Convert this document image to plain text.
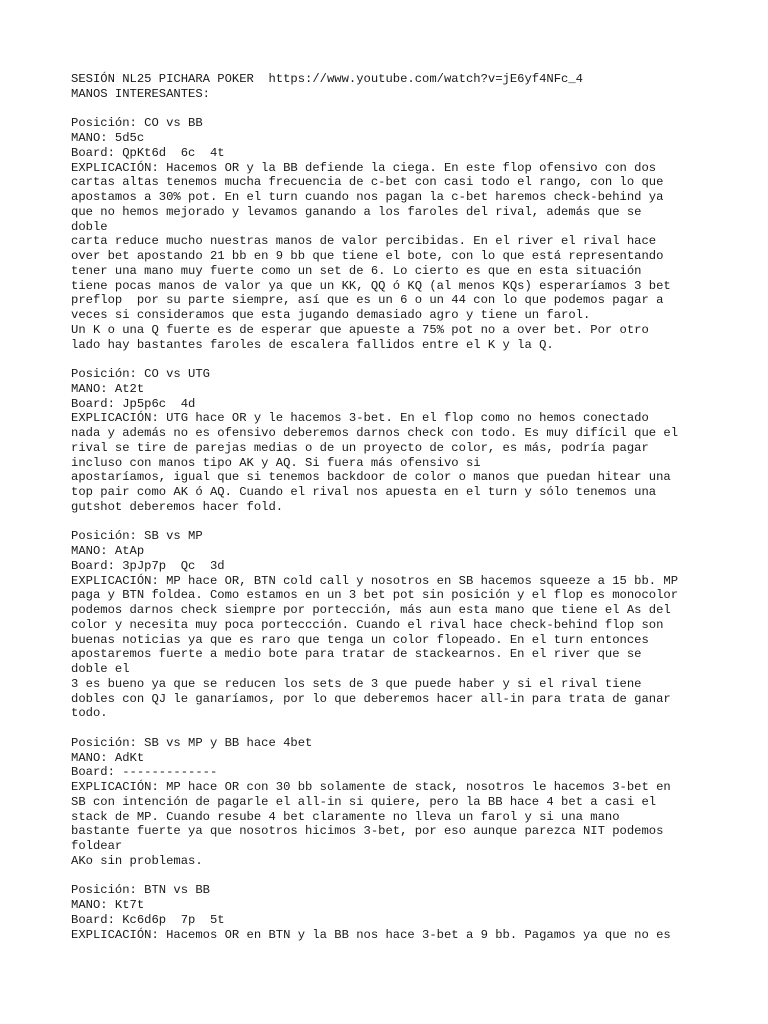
SESIÓN NL25 PICHARA POKER  https://www.youtube.com/watch?v=jE6yf4NFc_4
MANOS INTERESANTES:
Posición: CO vs BB
MANO: 5d5c
Board: QpKt6d  6c  4t
EXPLICACIÓN: Hacemos OR y la BB defiende la ciega. En este flop ofensivo con dos
cartas altas tenemos mucha frecuencia de c-bet con casi todo el rango, con lo que
apostamos a 30% pot. En el turn cuando nos pagan la c-bet haremos check-behind ya
que no hemos mejorado y levamos ganando a los faroles del rival, además que se
doble
carta reduce mucho nuestras manos de valor percibidas. En el river el rival hace
over bet apostando 21 bb en 9 bb que tiene el bote, con lo que está representando
tener una mano muy fuerte como un set de 6. Lo cierto es que en esta situación
tiene pocas manos de valor ya que un KK, QQ ó KQ (al menos KQs) esperaríamos 3 bet
preflop  por su parte siempre, así que es un 6 o un 44 con lo que podemos pagar a
veces si consideramos que esta jugando demasiado agro y tiene un farol.
Un K o una Q fuerte es de esperar que apueste a 75% pot no a over bet. Por otro
lado hay bastantes faroles de escalera fallidos entre el K y la Q.
Posición: CO vs UTG
MANO: At2t
Board: Jp5p6c  4d
EXPLICACIÓN: UTG hace OR y le hacemos 3-bet. En el flop como no hemos conectado
nada y además no es ofensivo deberemos darnos check con todo. Es muy difícil que el
rival se tire de parejas medias o de un proyecto de color, es más, podría pagar
incluso con manos tipo AK y AQ. Si fuera más ofensivo si
apostaríamos, igual que si tenemos backdoor de color o manos que puedan hitear una
top pair como AK ó AQ. Cuando el rival nos apuesta en el turn y sólo tenemos una
gutshot deberemos hacer fold.
Posición: SB vs MP
MANO: AtAp
Board: 3pJp7p  Qc  3d
EXPLICACIÓN: MP hace OR, BTN cold call y nosotros en SB hacemos squeeze a 15 bb. MP
paga y BTN foldea. Como estamos en un 3 bet pot sin posición y el flop es monocolor
podemos darnos check siempre por portección, más aun esta mano que tiene el As del
color y necesita muy poca porteccción. Cuando el rival hace check-behind flop son
buenas noticias ya que es raro que tenga un color flopeado. En el turn entonces
apostaremos fuerte a medio bote para tratar de stackearnos. En el river que se
doble el
3 es bueno ya que se reducen los sets de 3 que puede haber y si el rival tiene
dobles con QJ le ganaríamos, por lo que deberemos hacer all-in para trata de ganar
todo.
Posición: SB vs MP y BB hace 4bet
MANO: AdKt
Board: -------------
EXPLICACIÓN: MP hace OR con 30 bb solamente de stack, nosotros le hacemos 3-bet en
SB con intención de pagarle el all-in si quiere, pero la BB hace 4 bet a casi el
stack de MP. Cuando resube 4 bet claramente no lleva un farol y si una mano
bastante fuerte ya que nosotros hicimos 3-bet, por eso aunque parezca NIT podemos
foldear
AKo sin problemas.
Posición: BTN vs BB
MANO: Kt7t
Board: Kc6d6p  7p  5t
EXPLICACIÓN: Hacemos OR en BTN y la BB nos hace 3-bet a 9 bb. Pagamos ya que no es
